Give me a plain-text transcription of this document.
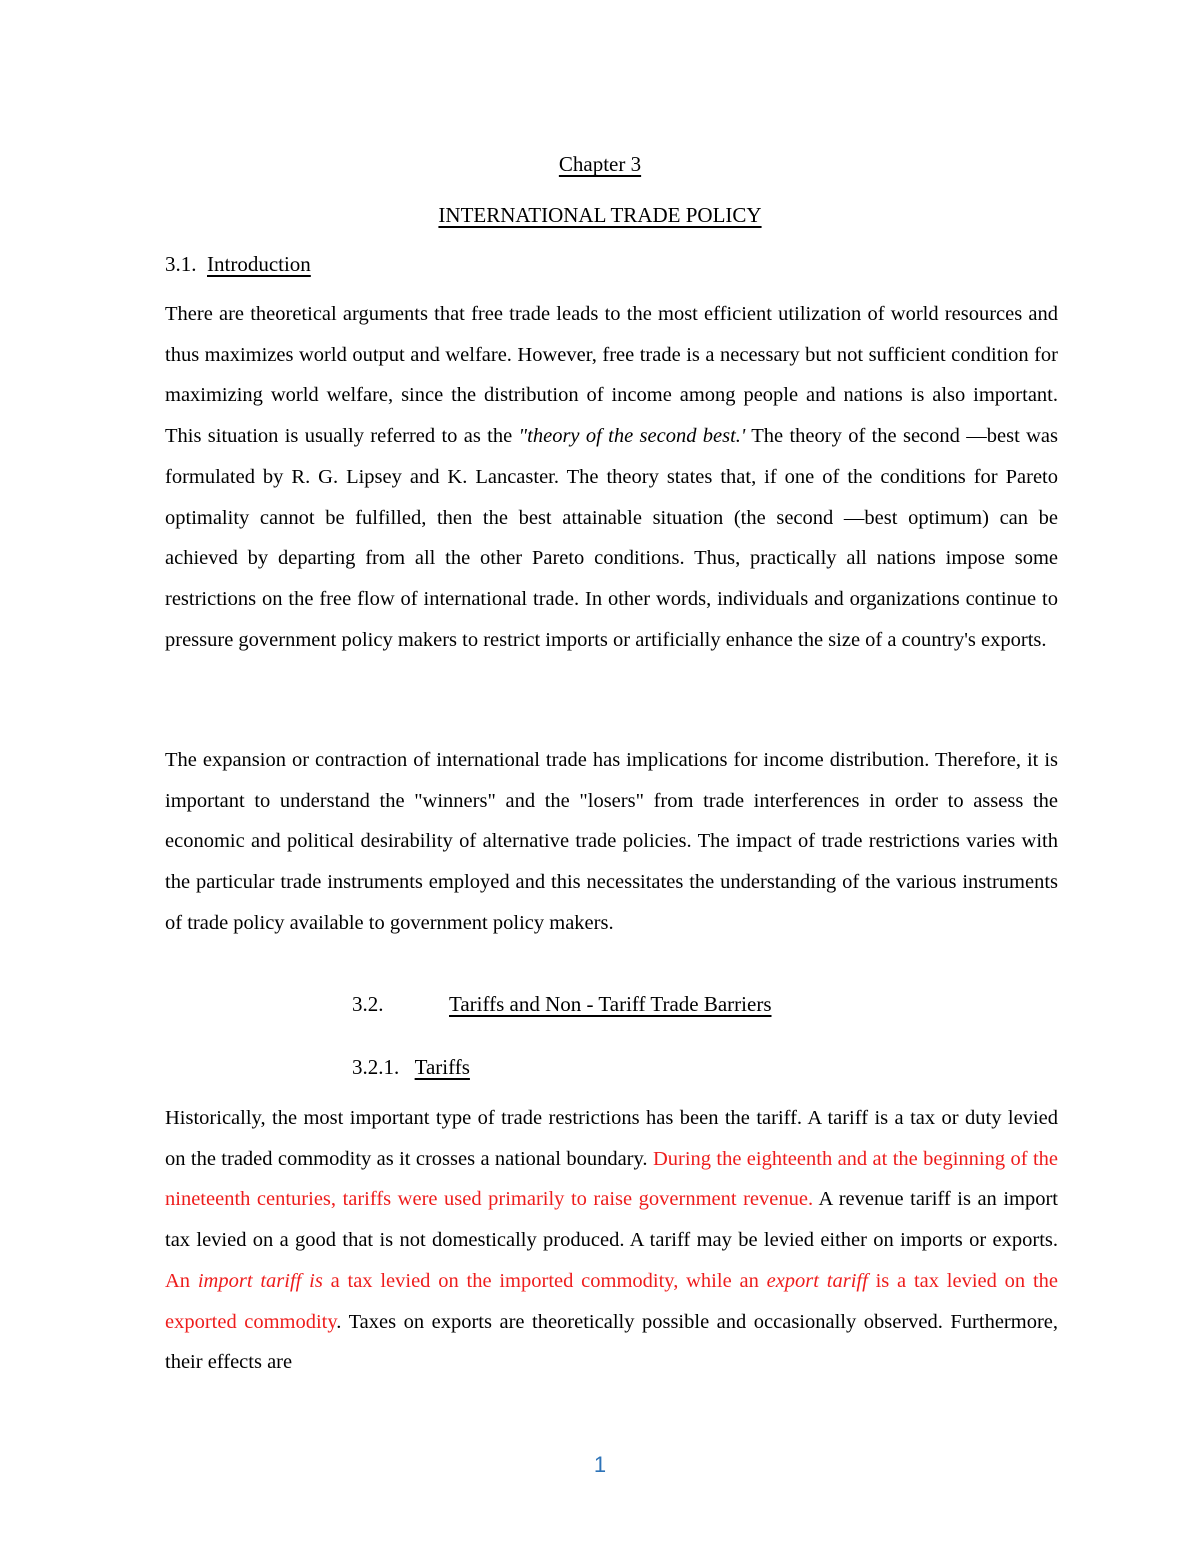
Chapter 3
INTERNATIONAL TRADE POLICY
3.1. Introduction

There are theoretical arguments that free trade leads to the most efficient utilization of world resources and thus maximizes world output and welfare. However, free trade is a necessary but not sufficient condition for maximizing world welfare, since the distribution of income among people and nations is also important. This situation is usually referred to as the "theory of the second best.' The theory of the second —best was formulated by R. G. Lipsey and K. Lancaster. The theory states that, if one of the conditions for Pareto optimality cannot be fulfilled, then the best attainable situation (the second —best optimum) can be achieved by departing from all the other Pareto conditions. Thus, practically all nations impose some restrictions on the free flow of international trade. In other words, individuals and organizations continue to pressure government policy makers to restrict imports or artificially enhance the size of a country's exports.

The expansion or contraction of international trade has implications for income distribution. Therefore, it is important to understand the "winners" and the "losers" from trade interferences in order to assess the economic and political desirability of alternative trade policies. The impact of trade restrictions varies with the particular trade instruments employed and this necessitates the understanding of the various instruments of trade policy available to government policy makers.

3.2.	Tariffs and Non - Tariff Trade Barriers
3.2.1. Tariffs

Historically, the most important type of trade restrictions has been the tariff. A tariff is a tax or duty levied on the traded commodity as it crosses a national boundary. During the eighteenth and at the beginning of the nineteenth centuries, tariffs were used primarily to raise government revenue. A revenue tariff is an import tax levied on a good that is not domestically produced. A tariff may be levied either on imports or exports. An import tariff is a tax levied on the imported commodity, while an export tariff is a tax levied on the exported commodity. Taxes on exports are theoretically possible and occasionally observed. Furthermore, their effects are

1
